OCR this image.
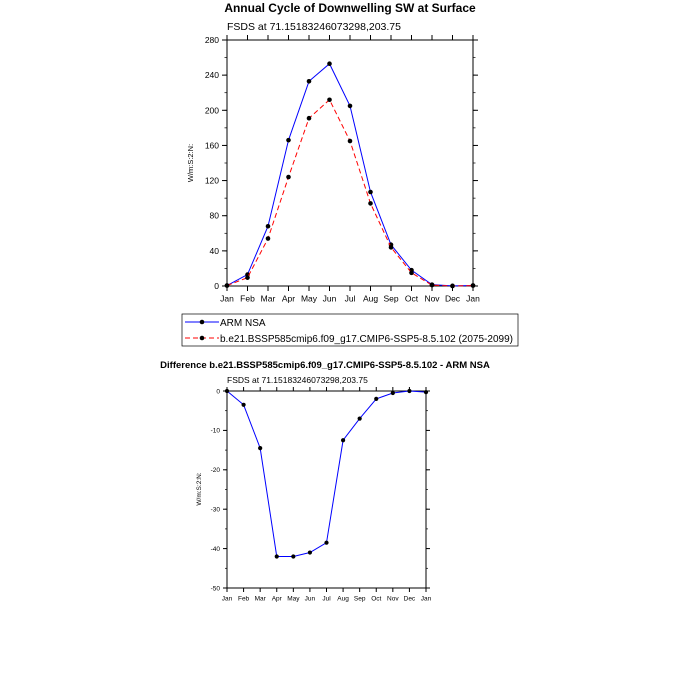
Annual Cycle of Downwelling SW at Surface
FSDS at 71.15183246073298,203.75
0
40
80
120
160
200
240
280
Jan Feb Mar Apr May Jun Jul Aug Sep Oct Nov Dec Jan
W/m:S:2:N:
ARM NSA
b.e21.BSSP585cmip6.f09_g17.CMIP6-SSP5-8.5.102 (2075-2099)
Difference b.e21.BSSP585cmip6.f09_g17.CMIP6-SSP5-8.5.102 - ARM NSA
FSDS at 71.15183246073298,203.75
-50
-40
-30
-20
-10
0
Jan Feb Mar Apr May Jun Jul Aug Sep Oct Nov Dec Jan
W/m:S:2:N:
